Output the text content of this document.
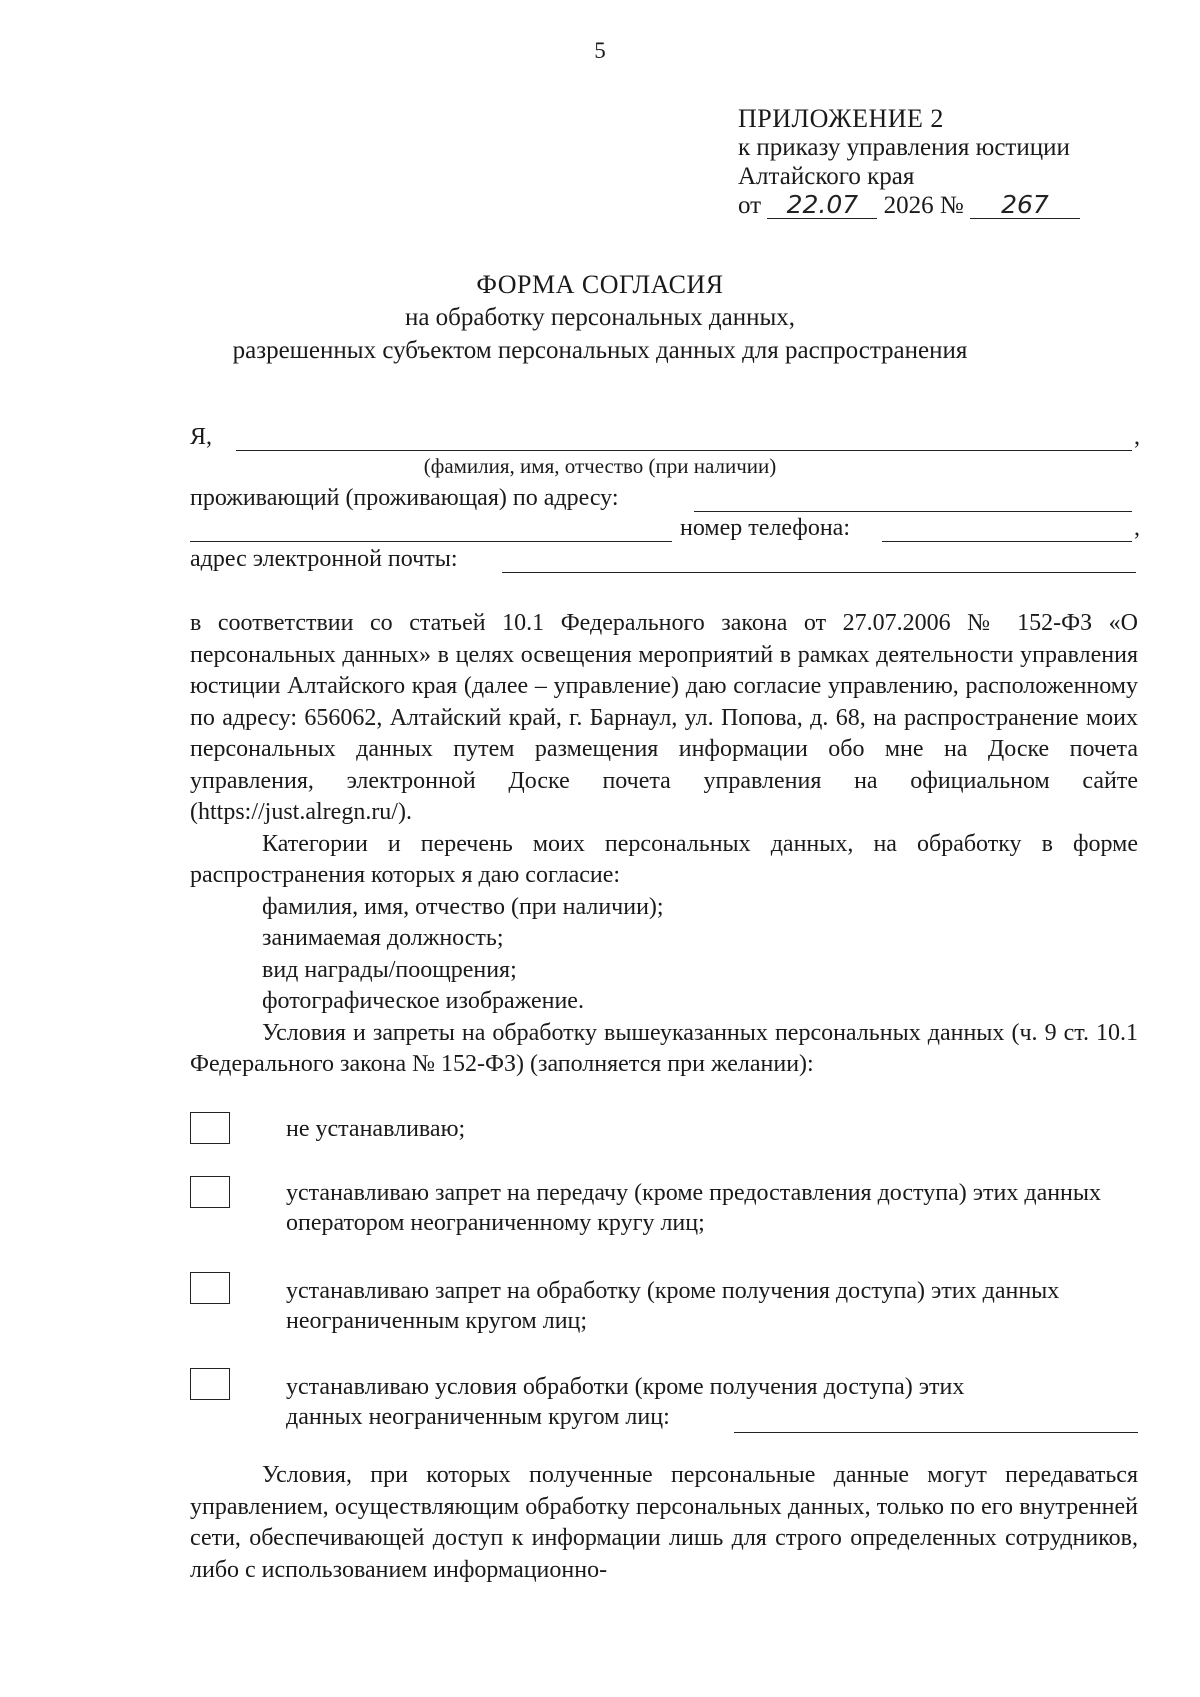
5
ПРИЛОЖЕНИЕ 2
к приказу управления юстиции
Алтайского края
от 22.07 2026 № 267
ФОРМА СОГЛАСИЯ
на обработку персональных данных,
разрешенных субъектом персональных данных для распространения
Я,	,
(фамилия, имя, отчество (при наличии)
проживающий (проживающая) по адресу:
номер телефона:	,
адрес электронной почты:

в соответствии со статьей 10.1 Федерального закона от 27.07.2006 № 152-ФЗ «О персональных данных» в целях освещения мероприятий в рамках деятельности управления юстиции Алтайского края (далее – управление) даю согласие управлению, расположенному по адресу: 656062, Алтайский край, г. Барнаул, ул. Попова, д. 68, на распространение моих персональных данных путем размещения информации обо мне на Доске почета управления, электронной Доске почета управления на официальном сайте (https://just.alregn.ru/).

Категории и перечень моих персональных данных, на обработку в форме распространения которых я даю согласие:

фамилия, имя, отчество (при наличии);

занимаемая должность;

вид награды/поощрения;

фотографическое изображение.

Условия и запреты на обработку вышеуказанных персональных данных (ч. 9 ст. 10.1 Федерального закона № 152-ФЗ) (заполняется при желании):

не устанавливаю;
устанавливаю запрет на передачу (кроме предоставления доступа) этих данных оператором неограниченному кругу лиц;
устанавливаю запрет на обработку (кроме получения доступа) этих данных неограниченным кругом лиц;
устанавливаю условия обработки (кроме получения доступа) этих данных неограниченным кругом лиц:

Условия, при которых полученные персональные данные могут передаваться управлением, осуществляющим обработку персональных данных, только по его внутренней сети, обеспечивающей доступ к информации лишь для строго определенных сотрудников, либо с использованием информационно-
